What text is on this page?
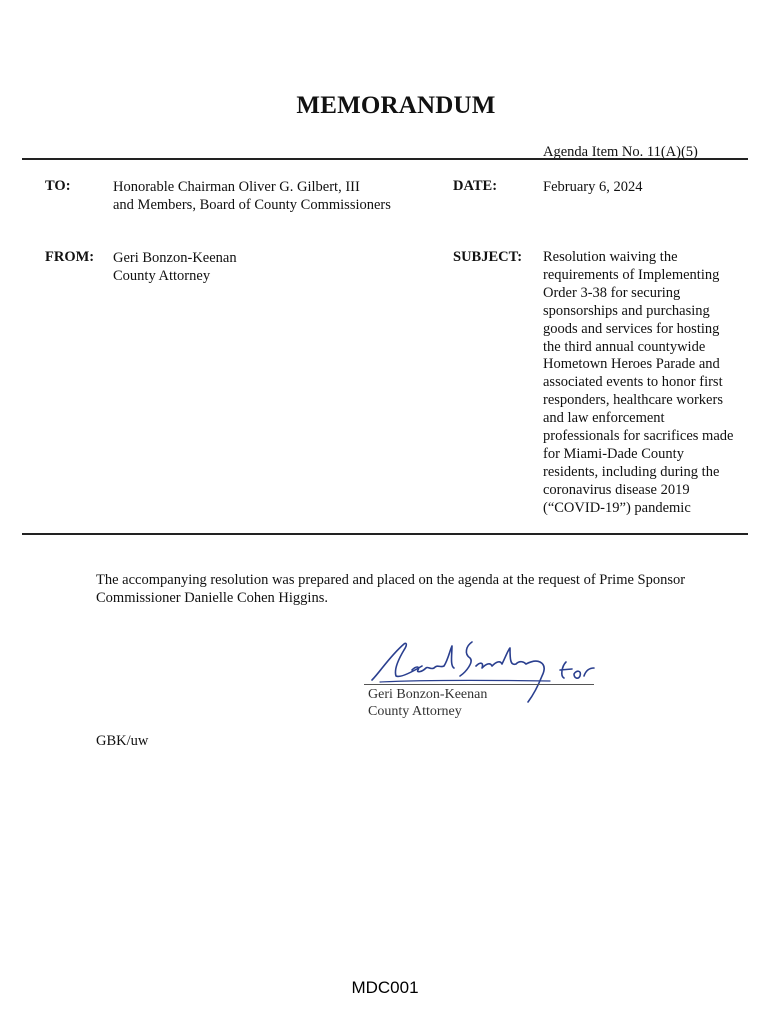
MEMORANDUM
Agenda Item No. 11(A)(5)
TO:	Honorable Chairman Oliver G. Gilbert, III
and Members, Board of County Commissioners
DATE:	February 6, 2024
FROM: Geri Bonzon-Keenan
County Attorney
SUBJECT: Resolution waiving the
requirements of Implementing
Order 3-38 for securing
sponsorships and purchasing
goods and services for hosting
the third annual countywide
Hometown Heroes Parade and
associated events to honor first
responders, healthcare workers
and law enforcement
professionals for sacrifices made
for Miami-Dade County
residents, including during the
coronavirus disease 2019
(“COVID-19”) pandemic
The accompanying resolution was prepared and placed on the agenda at the request of Prime Sponsor
Commissioner Danielle Cohen Higgins.
Geri Bonzon-Keenan
County Attorney
GBK/uw
MDC001
